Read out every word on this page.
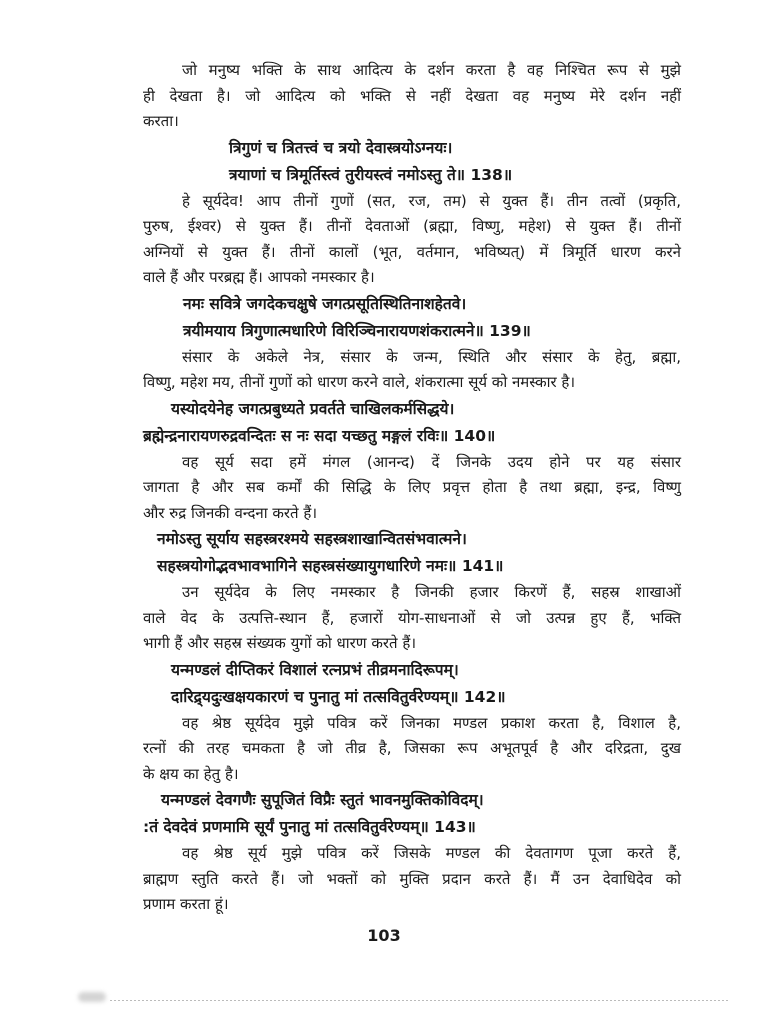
जो मनुष्य भक्ति के साथ आदित्य के दर्शन करता है वह निश्चित रूप से मुझे
ही देखता है। जो आदित्य को भक्ति से नहीं देखता वह मनुष्य मेरे दर्शन नहीं
करता।
त्रिगुणं च त्रितत्त्वं च त्रयो देवास्त्रयोऽग्नयः।
त्रयाणां च त्रिमूर्तिस्त्वं तुरीयस्त्वं नमोऽस्तु ते॥ 138॥
हे सूर्यदेव! आप तीनों गुणों (सत, रज, तम) से युक्त हैं। तीन तत्वों (प्रकृति,
पुरुष, ईश्वर) से युक्त हैं। तीनों देवताओं (ब्रह्मा, विष्णु, महेश) से युक्त हैं। तीनों
अग्नियों से युक्त हैं। तीनों कालों (भूत, वर्तमान, भविष्यत्) में त्रिमूर्ति धारण करने
वाले हैं और परब्रह्म हैं। आपको नमस्कार है।
नमः सवित्रे जगदेकचक्षुषे जगत्प्रसूतिस्थितिनाशहेतवे।
त्रयीमयाय त्रिगुणात्मधारिणे विरिञ्चिनारायणशंकरात्मने॥ 139॥
संसार के अकेले नेत्र, संसार के जन्म, स्थिति और संसार के हेतु, ब्रह्मा,
विष्णु, महेश मय, तीनों गुणों को धारण करने वाले, शंकरात्मा सूर्य को नमस्कार है।
यस्योदयेनेह जगत्प्रबुध्यते प्रवर्तते चाखिलकर्मसिद्धये।
ब्रह्मेन्द्रनारायणरुद्रवन्दितः स नः सदा यच्छतु मङ्गलं रविः॥ 140॥
वह सूर्य सदा हमें मंगल (आनन्द) दें जिनके उदय होने पर यह संसार
जागता है और सब कर्मों की सिद्धि के लिए प्रवृत्त होता है तथा ब्रह्मा, इन्द्र, विष्णु
और रुद्र जिनकी वन्दना करते हैं।
नमोऽस्तु सूर्याय सहस्त्ररश्मये सहस्त्रशाखान्वितसंभवात्मने।
सहस्त्रयोगोद्भवभावभागिने सहस्त्रसंख्यायुगधारिणे नमः॥ 141॥
उन सूर्यदेव के लिए नमस्कार है जिनकी हजार किरणें हैं, सहस्र शाखाओं
वाले वेद के उत्पत्ति-स्थान हैं, हजारों योग-साधनाओं से जो उत्पन्न हुए हैं, भक्ति
भागी हैं और सहस्र संख्यक युगों को धारण करते हैं।
यन्मण्डलं दीप्तिकरं विशालं रत्नप्रभं तीव्रमनादिरूपम्।
दारिद्र्यदुःखक्षयकारणं च पुनातु मां तत्सवितुर्वरेण्यम्॥ 142॥
वह श्रेष्ठ सूर्यदेव मुझे पवित्र करें जिनका मण्डल प्रकाश करता है, विशाल है,
रत्नों की तरह चमकता है जो तीव्र है, जिसका रूप अभूतपूर्व है और दरिद्रता, दुख
के क्षय का हेतु है।
यन्मण्डलं देवगणैः सुपूजितं विप्रैः स्तुतं भावनमुक्तिकोविदम्।
:तं देवदेवं प्रणमामि सूर्यं पुनातु मां तत्सवितुर्वरेण्यम्॥ 143॥
वह श्रेष्ठ सूर्य मुझे पवित्र करें जिसके मण्डल की देवतागण पूजा करते हैं,
ब्राह्मण स्तुति करते हैं। जो भक्तों को मुक्ति प्रदान करते हैं। मैं उन देवाधिदेव को
प्रणाम करता हूं।
103
